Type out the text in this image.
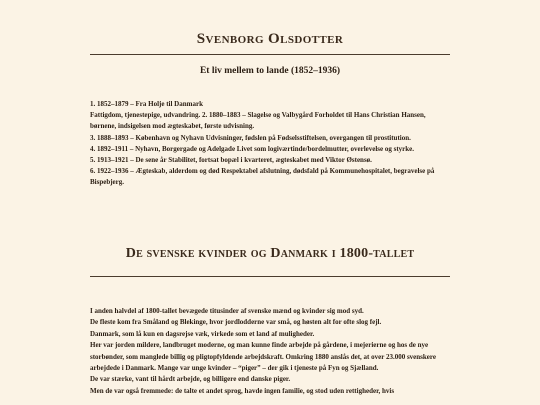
Svenborg Olsdotter
Et liv mellem to lande (1852–1936)
1. 1852–1879 – Fra Holje til Danmark
Fattigdom, tjenestepige, udvandring. 2. 1880–1883 – Slagelse og Valbygård Forholdet til Hans Christian Hansen, børnene, indsigelsen mod ægteskabet, første udvisning.
3. 1888–1893 – København og Nyhavn Udvisninger, fødslen på Fødselsstiftelsen, overgangen til prostitution.
4. 1892–1911 – Nyhavn, Borgergade og Adelgade Livet som logiværtinde/bordelmutter, overlevelse og styrke.
5. 1913–1921 – De sene år Stabilitet, fortsat bopæl i kvarteret, ægteskabet med Viktor Østensø.
6. 1922–1936 – Ægteskab, alderdom og død Respektabel afslutning, dødsfald på Kommunehospitalet, begravelse på Bispebjerg.
De svenske kvinder og Danmark i 1800-tallet

I anden halvdel af 1800-tallet bevægede titusinder af svenske mænd og kvinder sig mod syd.

De fleste kom fra Småland og Blekinge, hvor jordlodderne var små, og høsten alt for ofte slog fejl.

Danmark, som lå kun en dagsrejse væk, virkede som et land af muligheder.

Her var jorden mildere, landbruget moderne, og man kunne finde arbejde på gårdene, i mejerierne og hos de nye storbønder, som manglede billig og pligtopfyldende arbejdskraft. Omkring 1880 anslås det, at over 23.000 svenskere arbejdede i Danmark. Mange var unge kvinder – “piger” – der gik i tjeneste på Fyn og Sjælland.

De var stærke, vant til hårdt arbejde, og billigere end danske piger.

Men de var også fremmede: de talte et andet sprog, havde ingen familie, og stod uden rettigheder, hvis
